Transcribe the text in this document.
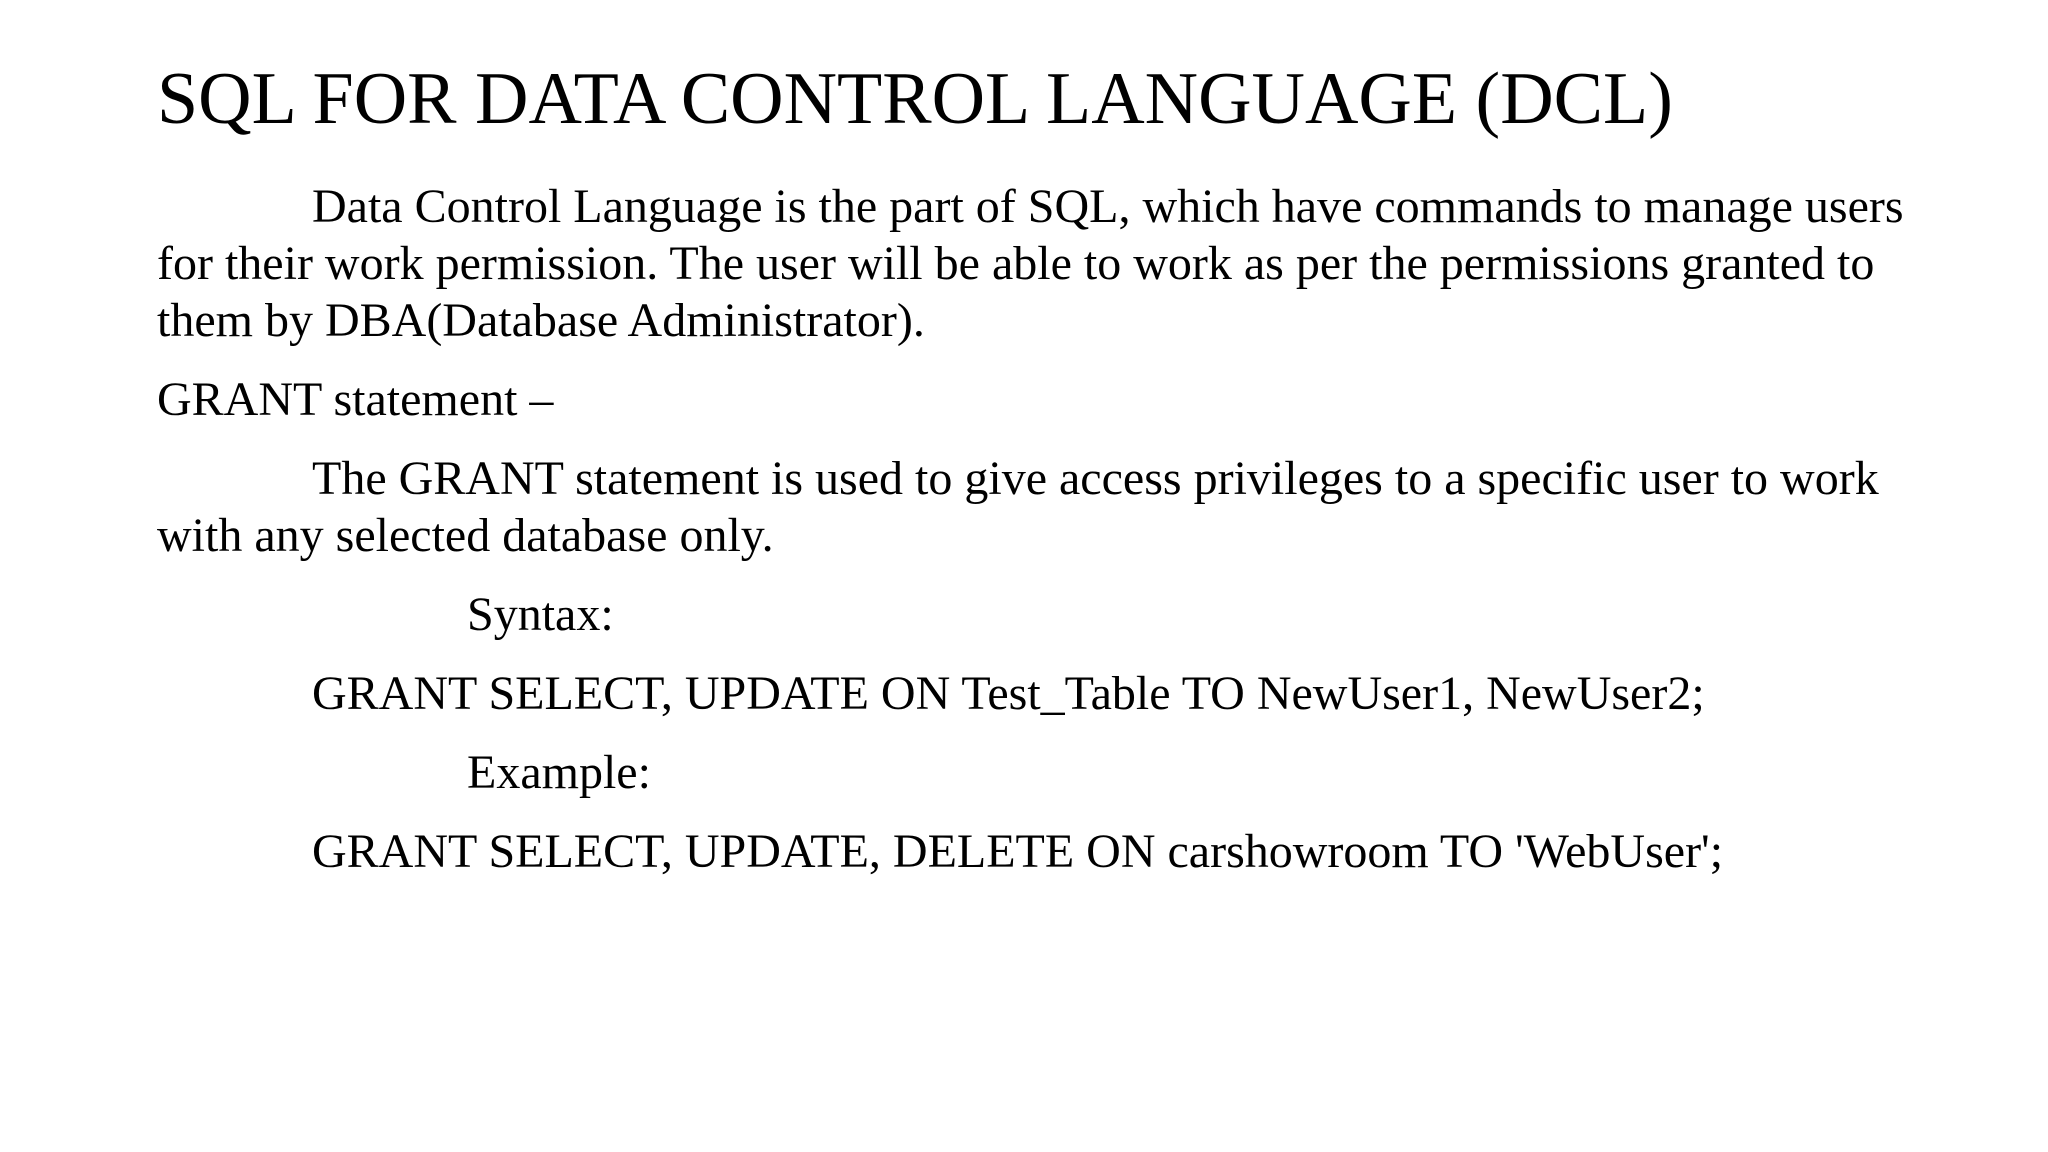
SQL FOR DATA CONTROL LANGUAGE (DCL)

Data Control Language is the part of SQL, which have commands to manage users for their work permission. The user will be able to work as per the permissions granted to them by DBA(Database Administrator).

GRANT statement –

The GRANT statement is used to give access privileges to a specific user to work with any selected database only.

Syntax:

GRANT SELECT, UPDATE ON Test_Table TO NewUser1, NewUser2;

Example:

GRANT SELECT, UPDATE, DELETE ON carshowroom TO 'WebUser';
